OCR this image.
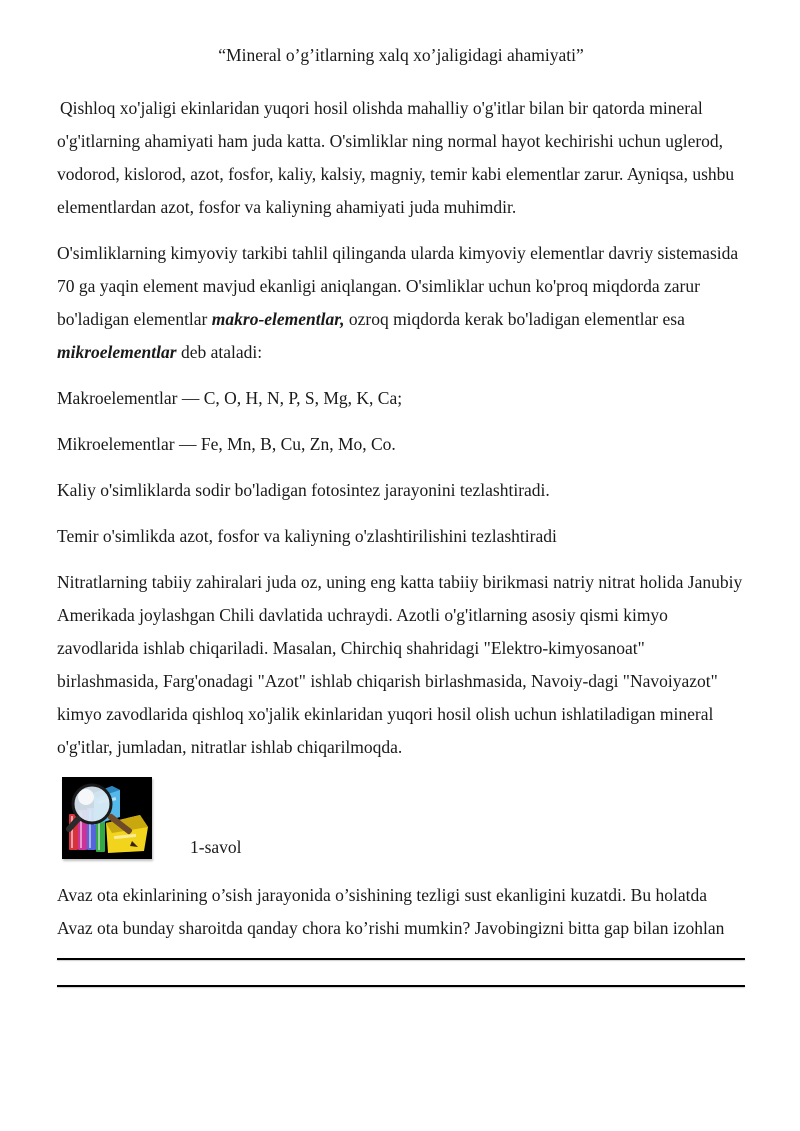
“Mineral o’g’itlarning xalq xo’jaligidagi ahamiyati”

Qishloq xo'jaligi ekinlaridan yuqori hosil olishda mahalliy o'g'itlar bilan bir qatorda mineral o'g'itlarning ahamiyati ham juda katta. O'simliklar ning normal hayot kechirishi uchun uglerod, vodorod, kislorod, azot, fosfor, kaliy, kalsiy, magniy, temir kabi elementlar zarur. Ayniqsa, ushbu elementlardan azot, fosfor va kaliyning ahamiyati juda muhimdir.

O'simliklarning kimyoviy tarkibi tahlil qilinganda ularda kimyoviy elementlar davriy sistemasida 70 ga yaqin element mavjud ekanligi aniqlangan. O'simliklar uchun ko'proq miqdorda zarur bo'ladigan elementlar makro-elementlar, ozroq miqdorda kerak bo'ladigan elementlar esa mikroelementlar deb ataladi:

Makroelementlar — C, O, H, N, P, S, Mg, K, Ca;

Mikroelementlar — Fe, Mn, B, Cu, Zn, Mo, Co.

Kaliy o'simliklarda sodir bo'ladigan fotosintez jarayonini tezlashtiradi.

Temir o'simlikda azot, fosfor va kaliyning o'zlashtirilishini tezlashtiradi

Nitratlarning tabiiy zahiralari juda oz, uning eng katta tabiiy birikmasi natriy nitrat holida Janubiy Amerikada joylashgan Chili davlatida uchraydi. Azotli o'g'itlarning asosiy qismi kimyo zavodlarida ishlab chiqariladi. Masalan, Chirchiq shahridagi "Elektro-kimyosanoat" birlashmasida, Farg'onadagi "Azot" ishlab chiqarish birlashmasida, Navoiy-dagi "Navoiyazot" kimyo zavodlarida qishloq xo'jalik ekinlaridan yuqori hosil olish uchun ishlatiladigan mineral o'g'itlar, jumladan, nitratlar ishlab chiqarilmoqda.

1-savol

Avaz ota ekinlarining o’sish jarayonida o’sishining tezligi sust ekanligini kuzatdi. Bu holatda Avaz ota bunday sharoitda qanday chora ko’rishi mumkin? Javobingizni bitta gap bilan izohlan
